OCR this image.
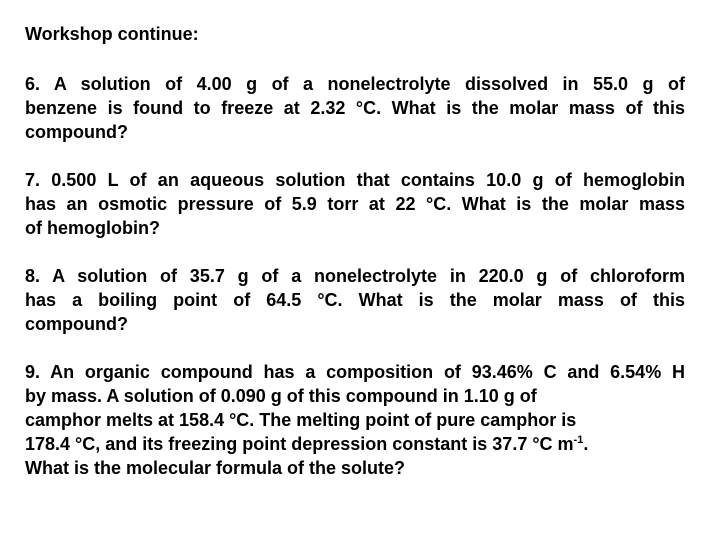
Workshop continue:

6. A solution of 4.00 g of a nonelectrolyte dissolved in 55.0 g of
benzene is found to freeze at 2.32 °C. What is the molar mass of this
compound?
7. 0.500 L of an aqueous solution that contains 10.0 g of hemoglobin
has an osmotic pressure of 5.9 torr at 22 °C. What is the molar mass
of hemoglobin?
8. A solution of 35.7 g of a nonelectrolyte in 220.0 g of chloroform
has a boiling point of 64.5 °C. What is the molar mass of this
compound?
9. An organic compound has a composition of 93.46% C and 6.54% H
by mass. A solution of 0.090 g of this compound in 1.10 g of
camphor melts at 158.4 °C. The melting point of pure camphor is
178.4 °C, and its freezing point depression constant is 37.7 °C $m^{-1}$.
What is the molecular formula of the solute?
